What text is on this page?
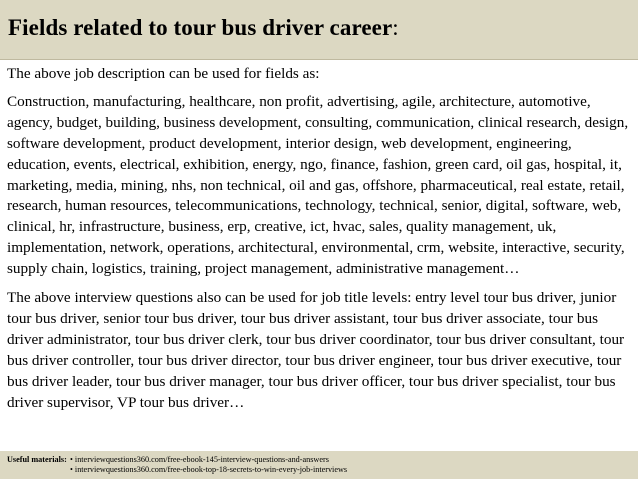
Fields related to tour bus driver career:

The above job description can be used for fields as:

Construction, manufacturing, healthcare, non profit, advertising, agile, architecture, automotive, agency, budget, building, business development, consulting, communication, clinical research, design, software development, product development, interior design, web development, engineering, education, events, electrical, exhibition, energy, ngo, finance, fashion, green card, oil gas, hospital, it, marketing, media, mining, nhs, non technical, oil and gas, offshore, pharmaceutical, real estate, retail, research, human resources, telecommunications, technology, technical, senior, digital, software, web, clinical, hr, infrastructure, business, erp, creative, ict, hvac, sales, quality management, uk, implementation, network, operations, architectural, environmental, crm, website, interactive, security, supply chain, logistics, training, project management, administrative management…

The above interview questions also can be used for job title levels: entry level tour bus driver, junior tour bus driver, senior tour bus driver, tour bus driver assistant, tour bus driver associate, tour bus driver administrator, tour bus driver clerk, tour bus driver coordinator, tour bus driver consultant, tour bus driver controller, tour bus driver director, tour bus driver engineer, tour bus driver executive, tour bus driver leader, tour bus driver manager, tour bus driver officer, tour bus driver specialist, tour bus driver supervisor, VP tour bus driver…

Useful materials: • interviewquestions360.com/free-ebook-145-interview-questions-and-answers
• interviewquestions360.com/free-ebook-top-18-secrets-to-win-every-job-interviews
